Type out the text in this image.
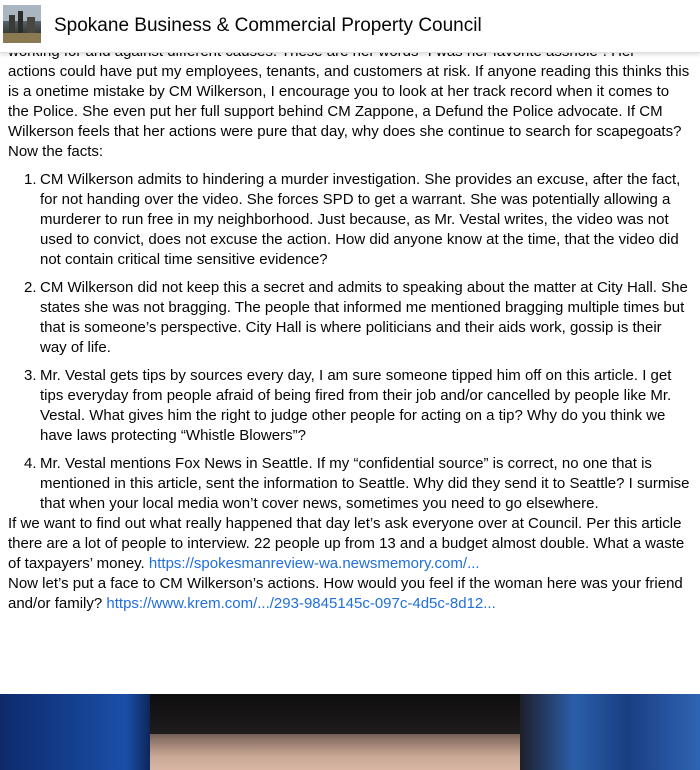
Spokane Business & Commercial Property Council

actions could have put my employees, tenants, and customers at risk. If anyone reading this thinks this is a onetime mistake by CM Wilkerson, I encourage you to look at her track record when it comes to the Police. She even put her full support behind CM Zappone, a Defund the Police advocate. If CM Wilkerson feels that her actions were pure that day, why does she continue to search for scapegoats?

Now the facts:

1. CM Wilkerson admits to hindering a murder investigation. She provides an excuse, after the fact, for not handing over the video. She forces SPD to get a warrant. She was potentially allowing a murderer to run free in my neighborhood. Just because, as Mr. Vestal writes, the video was not used to convict, does not excuse the action. How did anyone know at the time, that the video did not contain critical time sensitive evidence?
2. CM Wilkerson did not keep this a secret and admits to speaking about the matter at City Hall. She states she was not bragging. The people that informed me mentioned bragging multiple times but that is someone’s perspective. City Hall is where politicians and their aids work, gossip is their way of life.
3. Mr. Vestal gets tips by sources every day, I am sure someone tipped him off on this article. I get tips everyday from people afraid of being fired from their job and/or cancelled by people like Mr. Vestal. What gives him the right to judge other people for acting on a tip? Why do you think we have laws protecting “Whistle Blowers”?
4. Mr. Vestal mentions Fox News in Seattle. If my “confidential source” is correct, no one that is mentioned in this article, sent the information to Seattle. Why did they send it to Seattle? I surmise that when your local media won’t cover news, sometimes you need to go elsewhere.

If we want to find out what really happened that day let’s ask everyone over at Council. Per this article there are a lot of people to interview. 22 people up from 13 and a budget almost double. What a waste of taxpayers’ money. https://spokesmanreview-wa.newsmemory.com/...

Now let’s put a face to CM Wilkerson’s actions. How would you feel if the woman here was your friend and/or family? https://www.krem.com/.../293-9845145c-097c-4d5c-8d12...
